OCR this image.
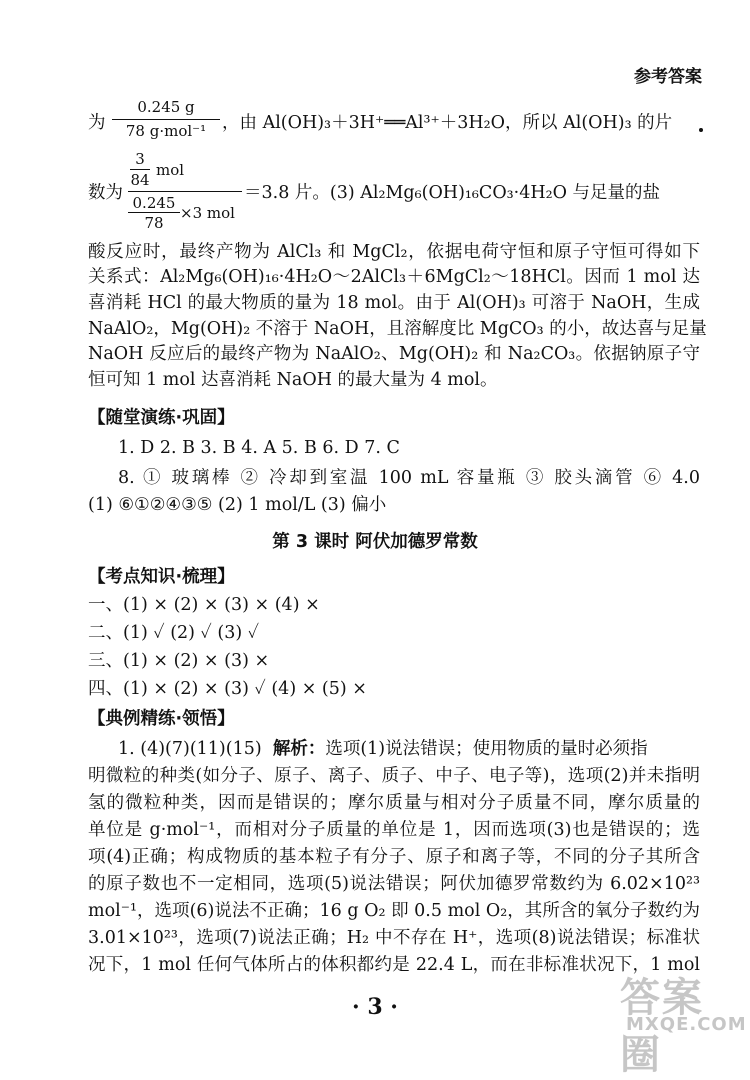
参考答案
为
0.245 g
78 g·mol⁻¹ ，由 Al(OH)₃＋3H⁺══Al³⁺＋3H₂O，所以 Al(OH)₃ 的片
数为
3
84
mol
0.245
78
×3 mol
＝3.8 片。(3) Al₂Mg₆(OH)₁₆CO₃·4H₂O 与足量的盐
酸反应时，最终产物为 AlCl₃ 和 MgCl₂，依据电荷守恒和原子守恒可得如下
关系式：Al₂Mg₆(OH)₁₆·4H₂O～2AlCl₃＋6MgCl₂～18HCl。因而 1 mol 达
喜消耗 HCl 的最大物质的量为 18 mol。由于 Al(OH)₃ 可溶于 NaOH，生成
NaAlO₂，Mg(OH)₂ 不溶于 NaOH，且溶解度比 MgCO₃ 的小，故达喜与足量
NaOH 反应后的最终产物为 NaAlO₂、Mg(OH)₂ 和 Na₂CO₃。依据钠原子守
恒可知 1 mol 达喜消耗 NaOH 的最大量为 4 mol。
【随堂演练·巩固】
1. D 2. B 3. B 4. A 5. B 6. D 7. C
8. ① 玻璃棒 ② 冷却到室温 100 mL 容量瓶 ③ 胶头滴管 ⑥ 4.0
(1) ⑥①②④③⑤ (2) 1 mol/L (3) 偏小
第 3 课时 阿伏加德罗常数
【考点知识·梳理】
一、(1) × (2) × (3) × (4) ×
二、(1) ✓ (2) ✓ (3) ✓
三、(1) × (2) × (3) ×
四、(1) × (2) × (3) ✓ (4) × (5) ×
【典例精练·领悟】
1. (4)(7)(11)(15) 解析：选项(1)说法错误；使用物质的量时必须指
明微粒的种类(如分子、原子、离子、质子、中子、电子等)，选项(2)并未指明
氢的微粒种类，因而是错误的；摩尔质量与相对分子质量不同，摩尔质量的
单位是 g·mol⁻¹，而相对分子质量的单位是 1，因而选项(3)也是错误的；选
项(4)正确；构成物质的基本粒子有分子、原子和离子等，不同的分子其所含
的原子数也不一定相同，选项(5)说法错误；阿伏加德罗常数约为 6.02×10²³
mol⁻¹，选项(6)说法不正确；16 g O₂ 即 0.5 mol O₂，其所含的氧分子数约为
3.01×10²³，选项(7)说法正确；H₂ 中不存在 H⁺，选项(8)说法错误；标准状
况下，1 mol 任何气体所占的体积都约是 22.4 L，而在非标准状况下，1 mol
· 3 ·	答案圈
MXQE.COM
